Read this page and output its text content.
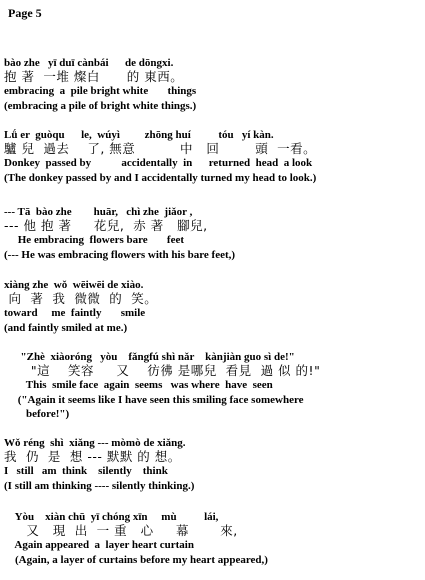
Page 5
bào zhe   yī duī cànbái      de dōngxi.
抱 著  一堆 燦白      的 東西。
embracing  a  pile bright white       things
(embracing a pile of bright white things.)
Lǘ er  guòqu      le,  wúyì         zhōng huí          tóu   yí kàn.
驢 兒  過去    了, 無意          中   回        頭  一看。
Donkey  passed by           accidentally  in      returned  head  a look
(The donkey passed by and I accidentally turned my head to look.)
--- Tā  bào zhe        huār,   chì zhe  jiǎor ,
--- 他 抱 著     花兒,  赤 著   腳兒,
He embracing  flowers bare       feet
(--- He was embracing flowers with his bare feet,)
xiàng zhe  wǒ  wēiwēi de xiào.
向  著  我  微微  的  笑。
toward     me  faintly       smile
(and faintly smiled at me.)
"Zhè  xiàoróng   yòu    fǎngfú shì nǎr    kànjiàn guo sì de!"
"這    笑容     又    彷彿 是哪兒  看見  過 似 的!"
This  smile face  again  seems   was where  have  seen
("Again it seems like I have seen this smiling face somewhere
before!")
Wǒ réng  shì  xiǎng --- mòmò de xiǎng.
我  仍  是  想 --- 默默 的 想。
I   still   am  think    silently    think
(I still am thinking ---- silently thinking.)
Yòu    xiàn chū  yī chóng xīn     mù          lái,
又   現  出  一 重   心     幕       來,
Again appeared  a  layer heart curtain
(Again, a layer of curtains before my heart appeared,)
